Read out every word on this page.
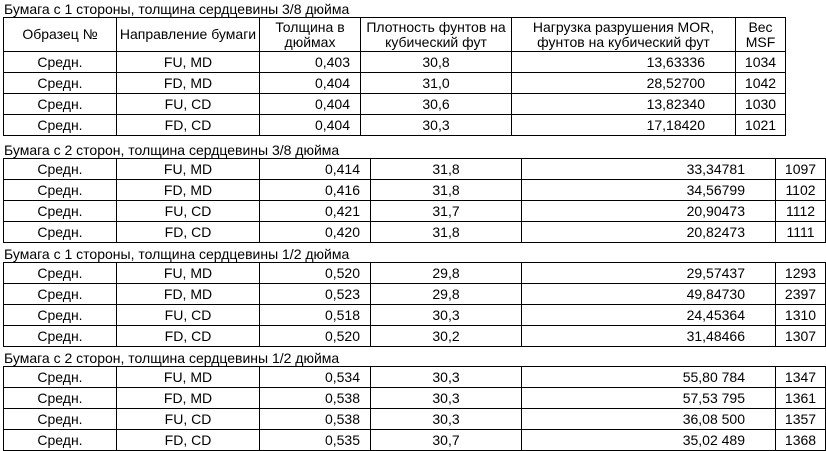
Бумага с 1 стороны, толщина сердцевины 3/8 дюйма
Образец №	Направление бумаги	Толщина в дюймах	Плотность фунтов на кубический фут	Нагрузка разрушения MOR, фунтов на кубический фут	Вес MSF
Средн.	FU, MD	0,403	30,8	13,63336	1034
Средн.	FD, MD	0,404	31,0	28,52700	1042
Средн.	FU, CD	0,404	30,6	13,82340	1030
Средн.	FD, CD	0,404	30,3	17,18420	1021
Бумага с 2 сторон, толщина сердцевины 3/8 дюйма
Средн.	FU, MD	0,414	31,8	33,34781	1097
Средн.	FD, MD	0,416	31,8	34,56799	1102
Средн.	FU, CD	0,421	31,7	20,90473	1112
Средн.	FD, CD	0,420	31,8	20,82473	1111
Бумага с 1 стороны, толщина сердцевины 1/2 дюйма
Средн.	FU, MD	0,520	29,8	29,57437	1293
Средн.	FD, MD	0,523	29,8	49,84730	2397
Средн.	FU, CD	0,518	30,3	24,45364	1310
Средн.	FD, CD	0,520	30,2	31,48466	1307
Бумага с 2 сторон, толщина сердцевины 1/2 дюйма
Средн.	FU, MD	0,534	30,3	55,80 784	1347
Средн.	FD, MD	0,538	30,3	57,53 795	1361
Средн.	FU, CD	0,538	30,3	36,08 500	1357
Средн.	FD, CD	0,535	30,7	35,02 489	1368
